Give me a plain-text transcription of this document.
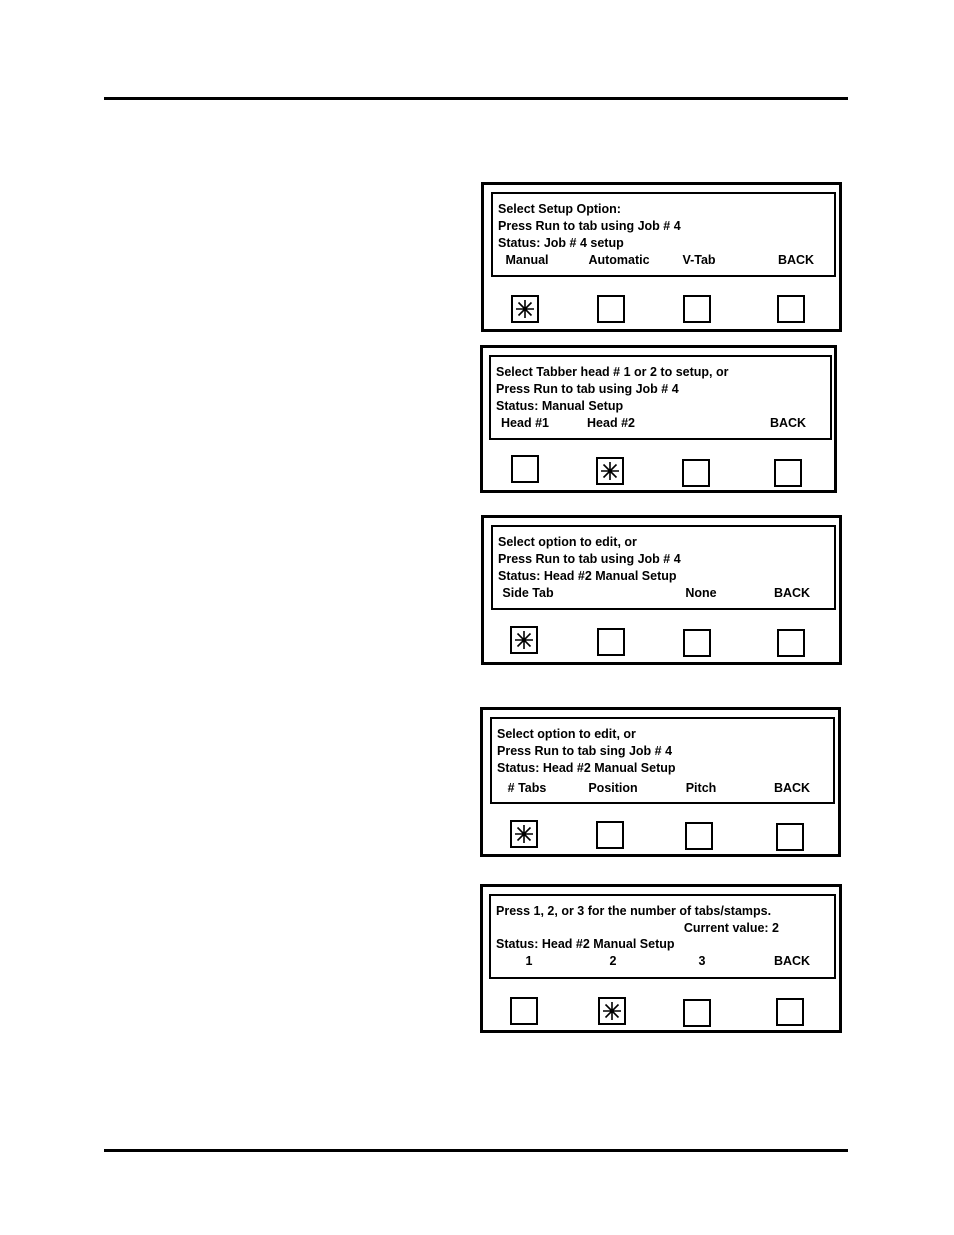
Select Setup Option:
Press Run to tab using Job # 4
Status: Job # 4 setup
Manual	Automatic	V-Tab	BACK
Select Tabber head # 1 or 2 to setup, or
Press Run to tab using Job # 4
Status: Manual Setup
Head #1	Head #2	BACK
Select option to edit, or
Press Run to tab using Job # 4
Status: Head #2 Manual Setup
Side Tab	None	BACK
Select option to edit, or
Press Run to tab sing Job # 4
Status: Head #2 Manual Setup
# Tabs	Position	Pitch	BACK
Press 1, 2, or 3 for the number of tabs/stamps.
Current value: 2
Status: Head #2 Manual Setup
1	2	3	BACK
